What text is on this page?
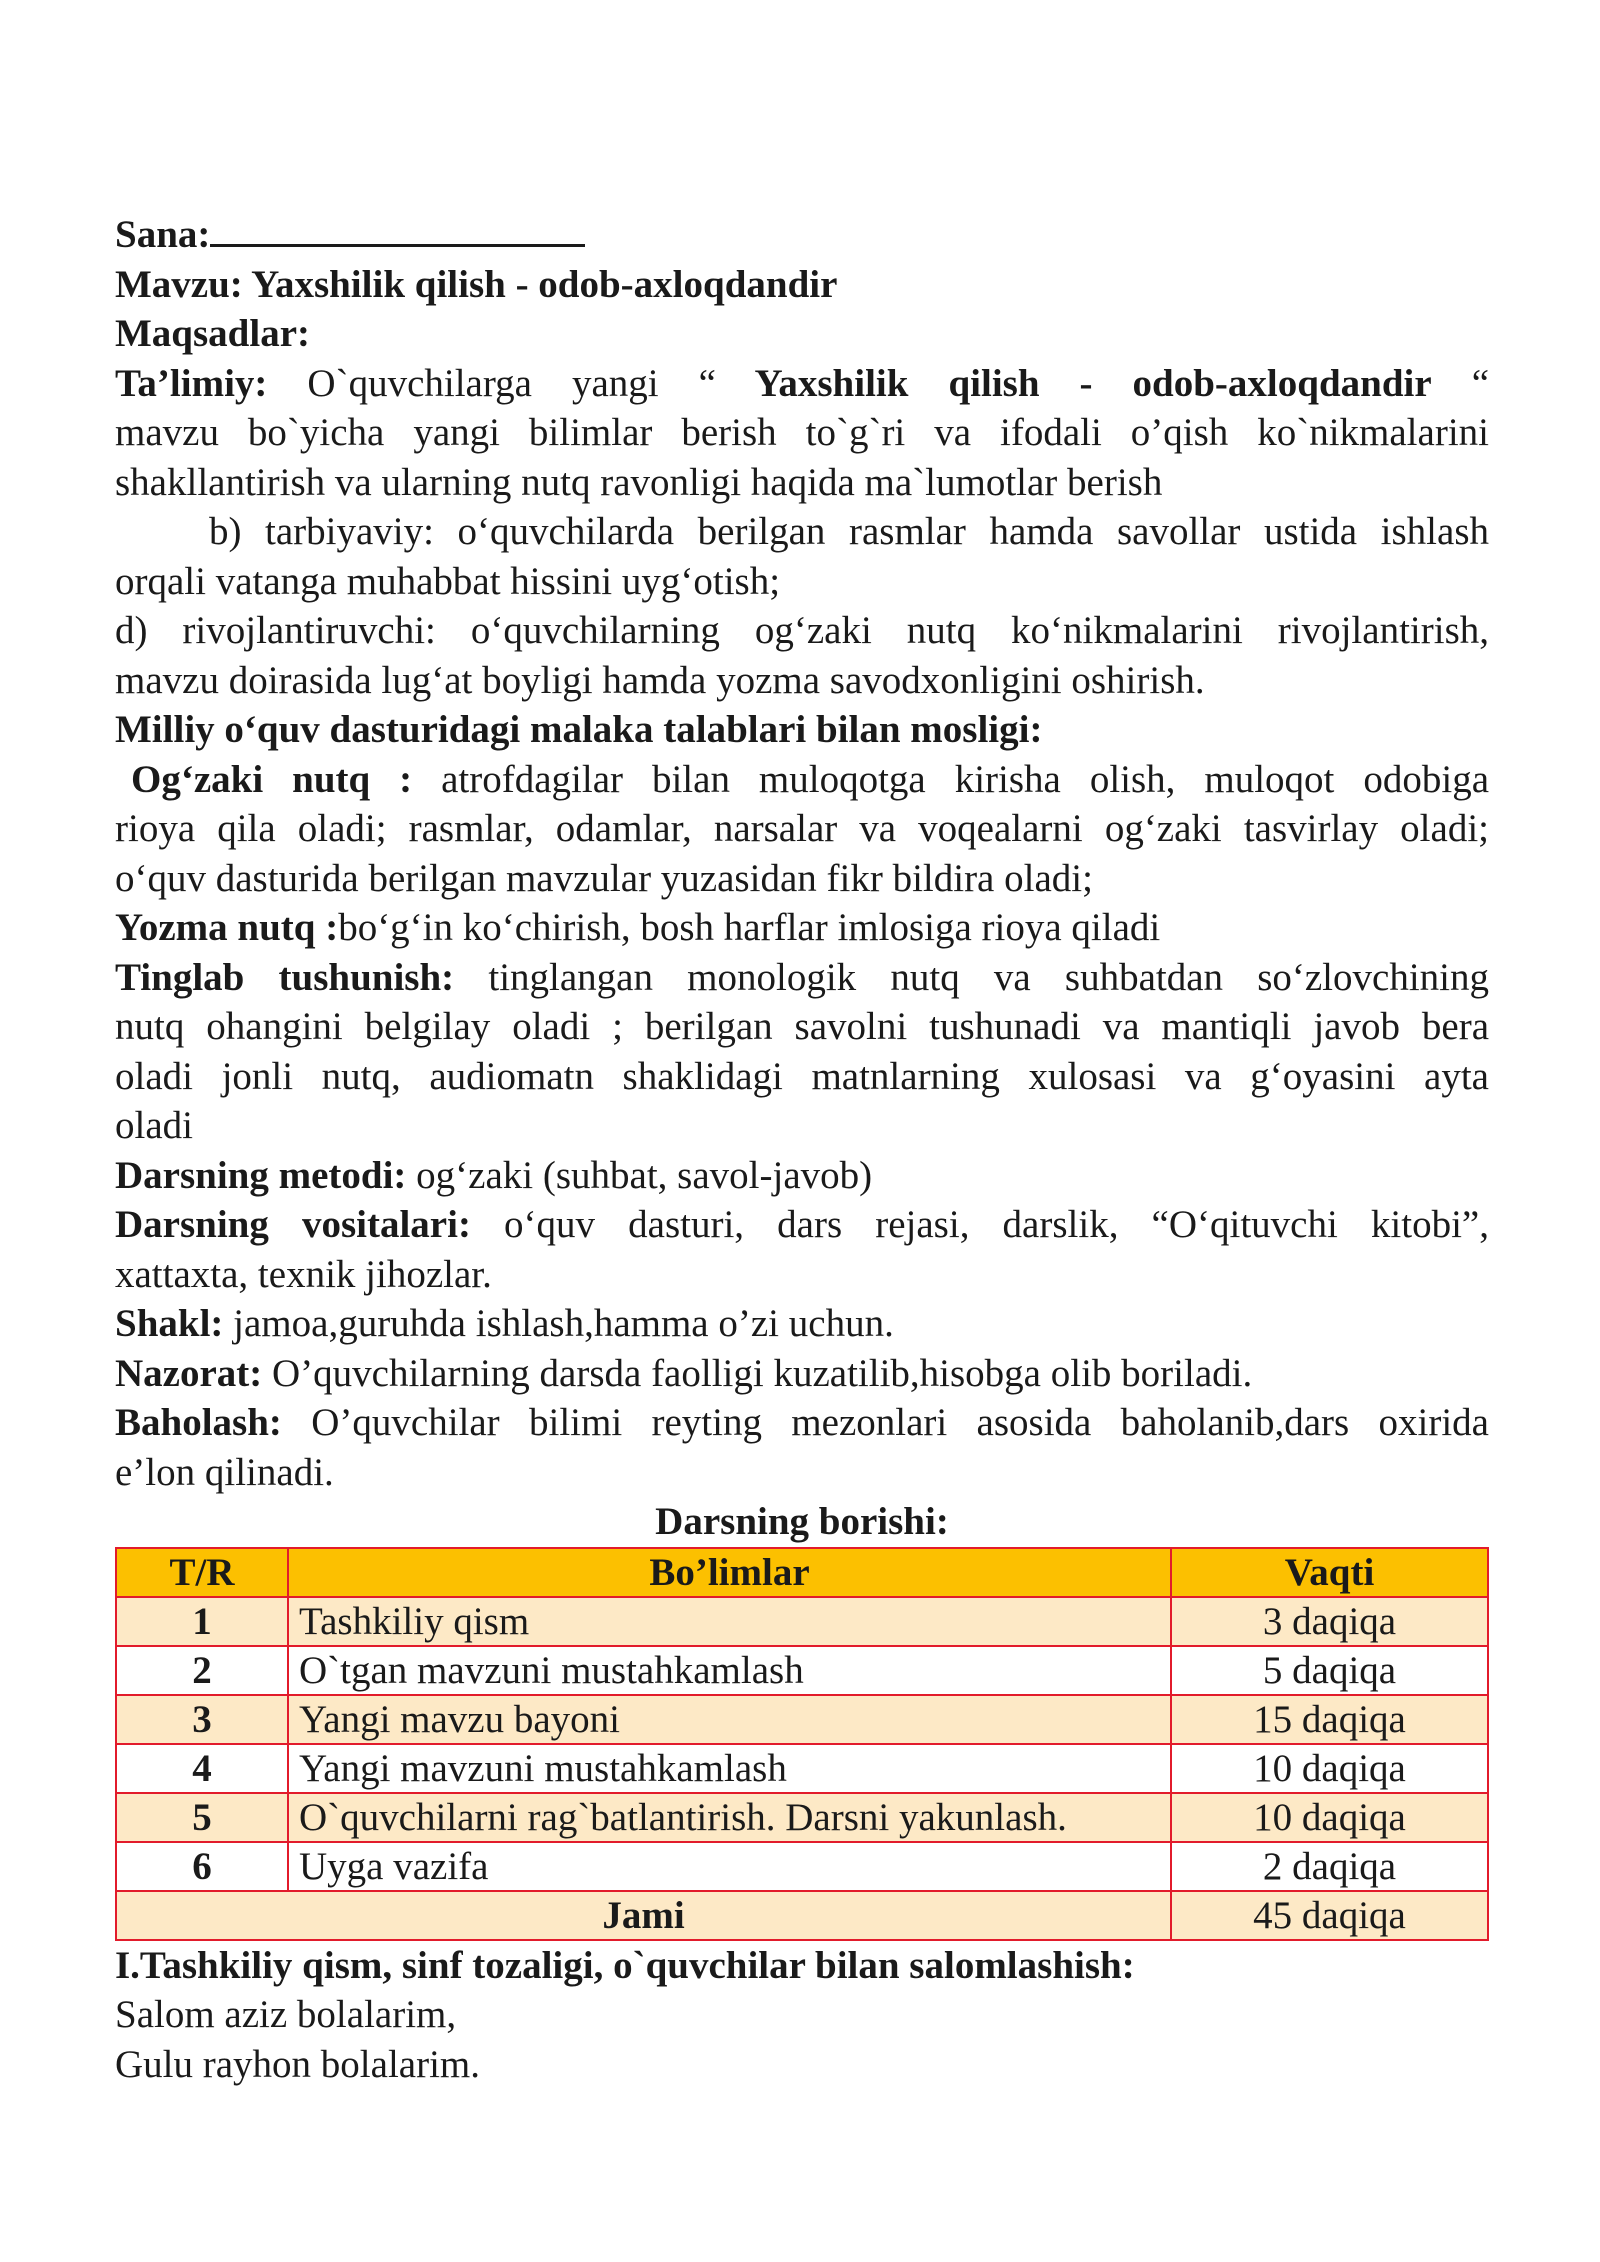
Sana:
Mavzu: Yaxshilik qilish - odob-axloqdandir
Maqsadlar:
Ta’limiy: O`quvchilarga yangi “ Yaxshilik qilish - odob-axloqdandir “
mavzu bo`yicha yangi bilimlar berish to`g`ri va ifodali o’qish ko`nikmalarini
shakllantirish va ularning nutq ravonligi haqida ma`lumotlar berish
b) tarbiyaviy: o‘quvchilarda berilgan rasmlar hamda savollar ustida ishlash
orqali vatanga muhabbat hissini uyg‘otish;
d) rivojlantiruvchi: o‘quvchilarning og‘zaki nutq ko‘nikmalarini rivojlantirish,
mavzu doirasida lug‘at boyligi hamda yozma savodxonligini oshirish.
Milliy o‘quv dasturidagi malaka talablari bilan mosligi:
Og‘zaki nutq : atrofdagilar bilan muloqotga kirisha olish, muloqot odobiga
rioya qila oladi; rasmlar, odamlar, narsalar va voqealarni og‘zaki tasvirlay oladi;
o‘quv dasturida berilgan mavzular yuzasidan fikr bildira oladi;
Yozma nutq :bo‘g‘in ko‘chirish, bosh harflar imlosiga rioya qiladi
Tinglab tushunish: tinglangan monologik nutq va suhbatdan so‘zlovchining
nutq ohangini belgilay oladi ; berilgan savolni tushunadi va mantiqli javob bera
oladi jonli nutq, audiomatn shaklidagi matnlarning xulosasi va g‘oyasini ayta
oladi
Darsning metodi: og‘zaki (suhbat, savol-javob)
Darsning vositalari: o‘quv dasturi, dars rejasi, darslik, “O‘qituvchi kitobi”,
xattaxta, texnik jihozlar.
Shakl: jamoa,guruhda ishlash,hamma o’zi uchun.
Nazorat: O’quvchilarning darsda faolligi kuzatilib,hisobga olib boriladi.
Baholash: O’quvchilar bilimi reyting mezonlari asosida baholanib,dars oxirida
e’lon qilinadi.
Darsning borishi:
T/R	Bo’limlar	Vaqti
1	Tashkiliy qism	3 daqiqa
2	O`tgan mavzuni mustahkamlash	5 daqiqa
3	Yangi mavzu bayoni	15 daqiqa
4	Yangi mavzuni mustahkamlash	10 daqiqa
5	O`quvchilarni rag`batlantirish. Darsni yakunlash.	10 daqiqa
6	Uyga vazifa	2 daqiqa
Jami		45 daqiqa
I.Tashkiliy qism, sinf tozaligi, o`quvchilar bilan salomlashish:
Salom aziz bolalarim,
Gulu rayhon bolalarim.
